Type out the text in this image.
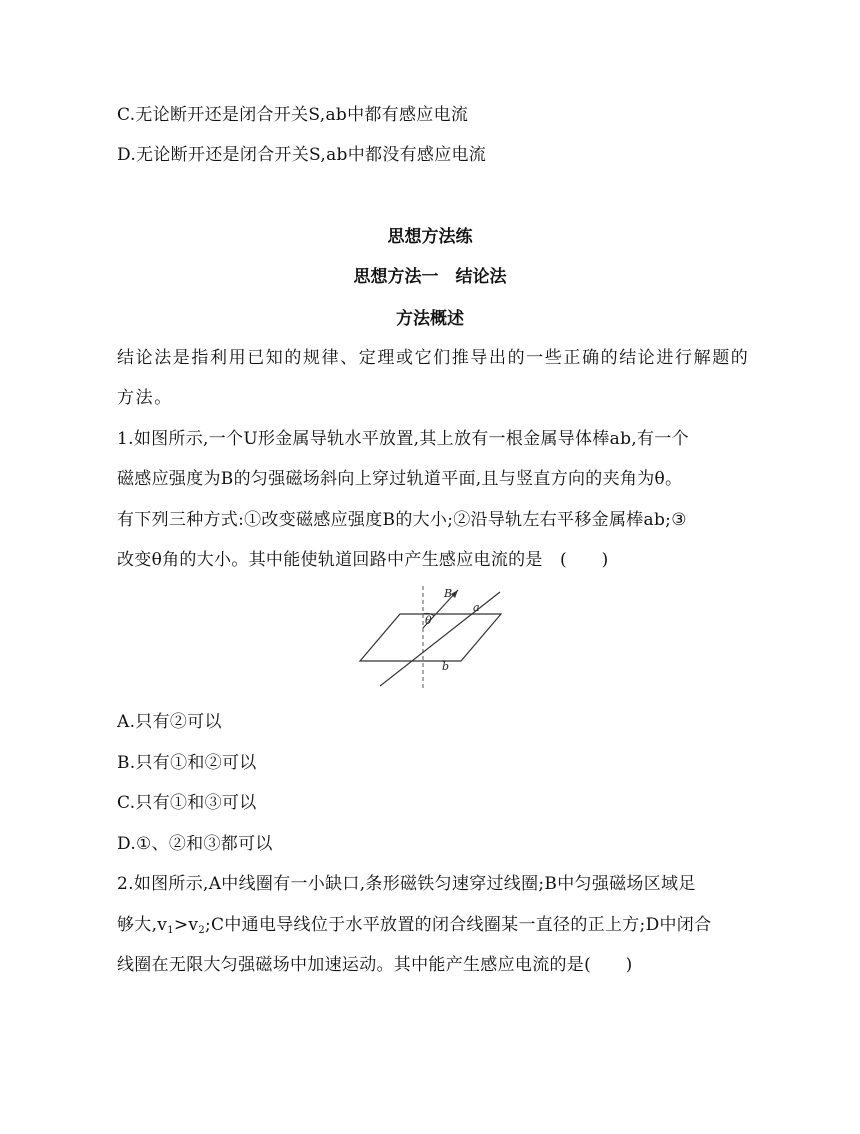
C.无论断开还是闭合开关S,ab中都有感应电流
D.无论断开还是闭合开关S,ab中都没有感应电流
思想方法练
思想方法一　结论法
方法概述
结论法是指利用已知的规律、定理或它们推导出的一些正确的结论进行解题的
方法。
1.如图所示,一个U形金属导轨水平放置,其上放有一根金属导体棒ab,有一个
磁感应强度为B的匀强磁场斜向上穿过轨道平面,且与竖直方向的夹角为θ。
有下列三种方式:①改变磁感应强度B的大小;②沿导轨左右平移金属棒ab;③
改变θ角的大小。其中能使轨道回路中产生感应电流的是　(　　)
B
a
b
θ
A.只有②可以
B.只有①和②可以
C.只有①和③可以
D.①、②和③都可以
2.如图所示,A中线圈有一小缺口,条形磁铁匀速穿过线圈;B中匀强磁场区域足
够大$,v_1>v_2;C$中通电导线位于水平放置的闭合线圈某一直径的正上方;D中闭合
线圈在无限大匀强磁场中加速运动。其中能产生感应电流的是(　　)
